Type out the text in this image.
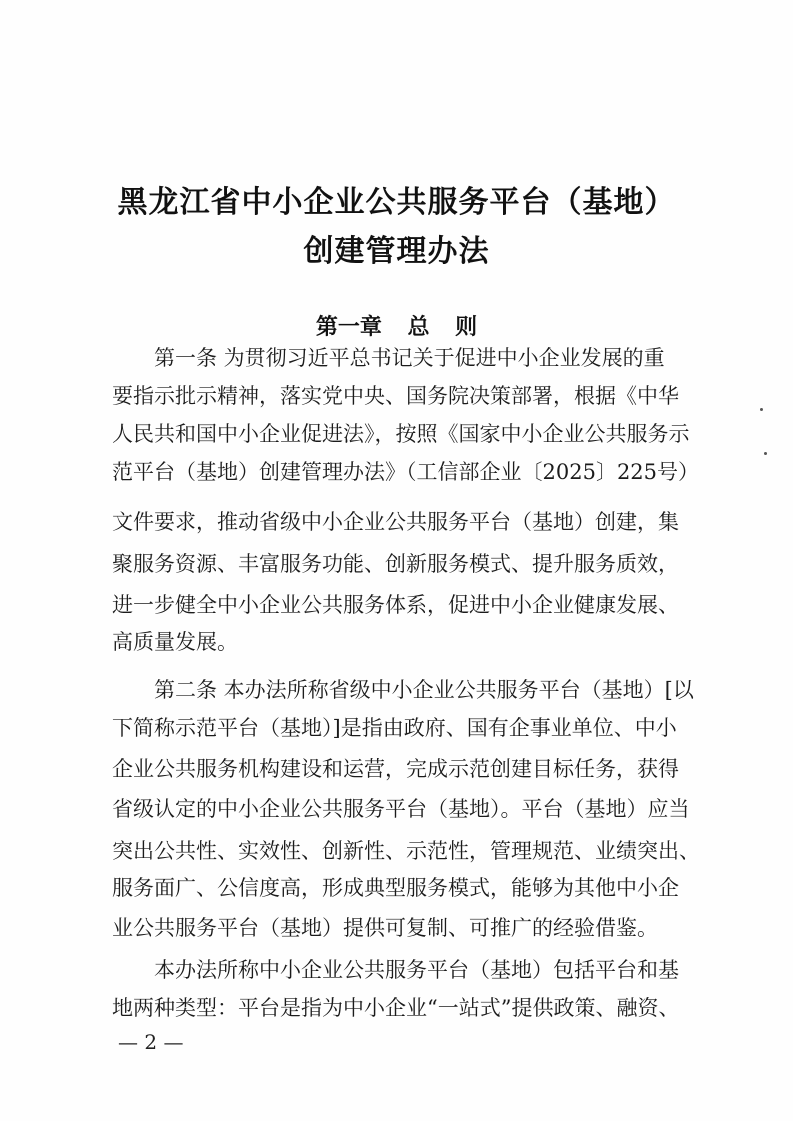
黑龙江省中小企业公共服务平台（基地）
创建管理办法
第一章 总 则
第一条 为贯彻习近平总书记关于促进中小企业发展的重
要指示批示精神，落实党中央、国务院决策部署，根据《中华
人民共和国中小企业促进法》，按照《国家中小企业公共服务示
范平台（基地）创建管理办法》（工信部企业〔2025〕225号）
文件要求，推动省级中小企业公共服务平台（基地）创建，集
聚服务资源、丰富服务功能、创新服务模式、提升服务质效，
进一步健全中小企业公共服务体系，促进中小企业健康发展、
高质量发展。
第二条 本办法所称省级中小企业公共服务平台（基地）[以
下简称示范平台（基地）]是指由政府、国有企事业单位、中小
企业公共服务机构建设和运营，完成示范创建目标任务，获得
省级认定的中小企业公共服务平台（基地）。平台（基地）应当
突出公共性、实效性、创新性、示范性，管理规范、业绩突出、
服务面广、公信度高，形成典型服务模式，能够为其他中小企
业公共服务平台（基地）提供可复制、可推广的经验借鉴。
本办法所称中小企业公共服务平台（基地）包括平台和基
地两种类型：平台是指为中小企业“一站式”提供政策、融资、
— 2 —
